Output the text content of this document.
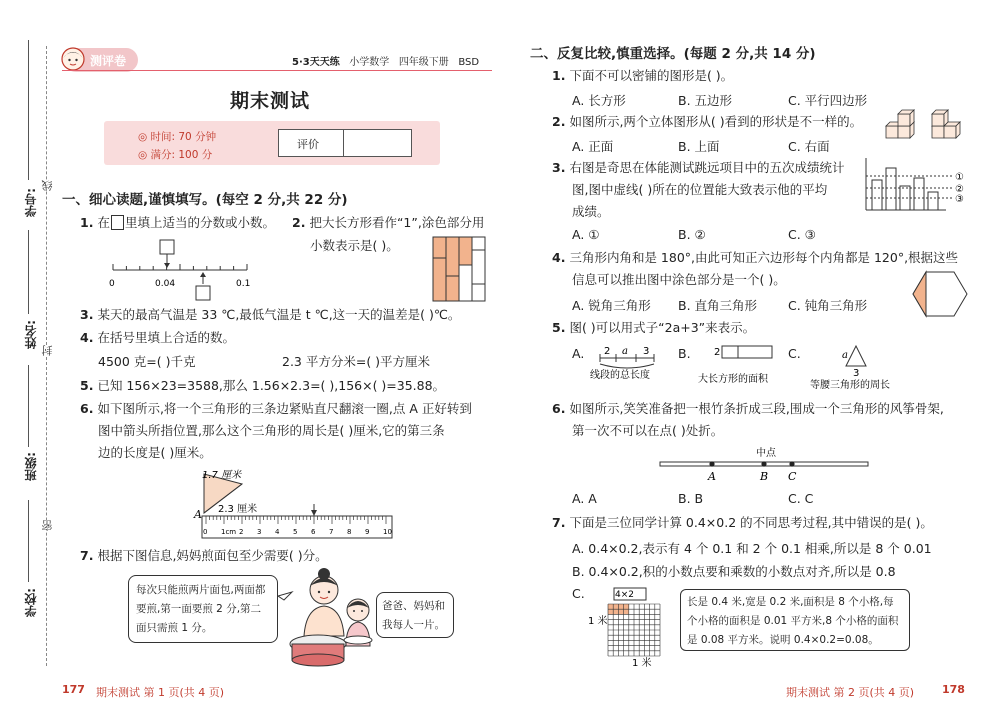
学号:
姓名:
班级:
学校:
线
封
密
测评卷	5·3天天练 小学数学 四年级下册 BSD
期末测试
◎ 时间: 70 分钟
◎ 满分: 100 分
评价
一、细心读题,谨慎填写。(每空 2 分,共 22 分)
1. 在 里填上适当的分数或小数。
0	0.04	0.1
2. 把大长方形看作“1”,涂色部分用
小数表示是( )。
3. 某天的最高气温是 33 ℃,最低气温是 t ℃,这一天的温差是( )℃。
4. 在括号里填上合适的数。
4500 克=( )千克	2.3 平方分米=( )平方厘米
5. 已知 156×23=3588,那么 1.56×2.3=( ),156×( )=35.88。
6. 如下图所示,将一个三角形的三条边紧贴直尺翻滚一圈,点 A 正好转到
图中箭头所指位置,那么这个三角形的周长是( )厘米,它的第三条
边的长度是( )厘米。
1.7 厘米
2.3 厘米
A
0 1cm 2 3 4 5 6 7 8 9 10
7. 根据下图信息,妈妈煎面包至少需要( )分。
每次只能煎两片面包,两面都要煎,第一面要煎 2 分,第二面只需煎 1 分。
爸爸、妈妈和我每人一片。
二、反复比较,慎重选择。(每题 2 分,共 14 分)
1. 下面不可以密铺的图形是( )。
A. 长方形	B. 五边形	C. 平行四边形
2. 如图所示,两个立体图形从( )看到的形状是不一样的。
A. 正面	B. 上面	C. 右面
3. 右图是奇思在体能测试跳远项目中的五次成绩统计
图,图中虚线( )所在的位置能大致表示他的平均
成绩。
①
②
③
A. ①	B. ②	C. ③
4. 三角形内角和是 180°,由此可知正六边形每个内角都是 120°,根据这些
信息可以推出图中涂色部分是一个( )。
A. 锐角三角形 B. 直角三角形 C. 钝角三角形
5. 图( )可以用式子“2a+3”来表示。
A. 2 a 3
线段的总长度
B. 2
大长方形的面积
C.	a
3
等腰三角形的周长
6. 如图所示,笑笑准备把一根竹条折成三段,围成一个三角形的风筝骨架,
第一次不可以在点( )处折。
中点
A	B C
A. A	B. B	C. C
7. 下面是三位同学计算 0.4×0.2 的不同思考过程,其中错误的是( )。
A. 0.4×0.2,表示有 4 个 0.1 和 2 个 0.1 相乘,所以是 8 个 0.01
B. 0.4×0.2,积的小数点要和乘数的小数点对齐,所以是 0.8
C.	4×2
1 米
1 米
长是 0.4 米,宽是 0.2 米,面积是 8 个小格,每个小格的面积是 0.01 平方米,8 个小格的面积是 0.08 平方米。说明 0.4×0.2=0.08。
177 期末测试 第 1 页(共 4 页)	期末测试 第 2 页(共 4 页)	178
